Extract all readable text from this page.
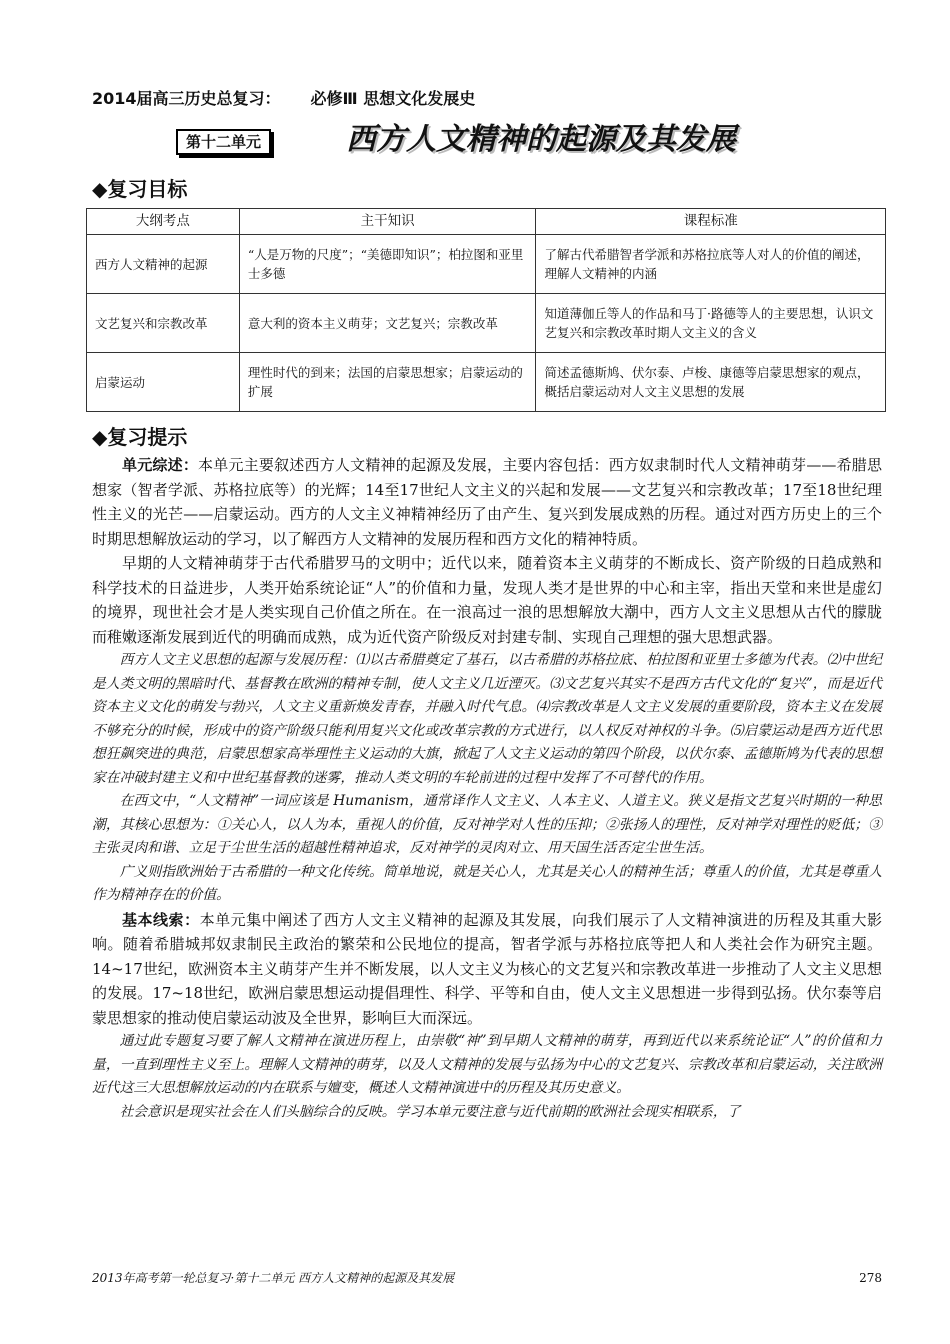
2014届高三历史总复习： 必修Ⅲ 思想文化发展史
第十二单元	西方人文精神的起源及其发展
◆复习目标
大纲考点	主干知识	课程标准
西方人文精神的起源	“人是万物的尺度”；“美德即知识”；柏拉图和亚里士多德	了解古代希腊智者学派和苏格拉底等人对人的价值的阐述，理解人文精神的内涵
文艺复兴和宗教改革	意大利的资本主义萌芽；文艺复兴；宗教改革	知道薄伽丘等人的作品和马丁·路德等人的主要思想，认识文艺复兴和宗教改革时期人文主义的含义
启蒙运动	理性时代的到来；法国的启蒙思想家；启蒙运动的扩展	简述孟德斯鸠、伏尔泰、卢梭、康德等启蒙思想家的观点，概括启蒙运动对人文主义思想的发展
◆复习提示

单元综述：本单元主要叙述西方人文精神的起源及发展，主要内容包括：西方奴隶制时代人文精神萌芽——希腊思想家（智者学派、苏格拉底等）的光辉；14至17世纪人文主义的兴起和发展——文艺复兴和宗教改革；17至18世纪理性主义的光芒——启蒙运动。西方的人文主义神精神经历了由产生、复兴到发展成熟的历程。通过对西方历史上的三个时期思想解放运动的学习，以了解西方人文精神的发展历程和西方文化的精神特质。

早期的人文精神萌芽于古代希腊罗马的文明中；近代以来，随着资本主义萌芽的不断成长、资产阶级的日趋成熟和科学技术的日益进步，人类开始系统论证“人”的价值和力量，发现人类才是世界的中心和主宰，指出天堂和来世是虚幻的境界，现世社会才是人类实现自己价值之所在。在一浪高过一浪的思想解放大潮中，西方人文主义思想从古代的朦胧而稚嫩逐渐发展到近代的明确而成熟，成为近代资产阶级反对封建专制、实现自己理想的强大思想武器。

西方人文主义思想的起源与发展历程：⑴以古希腊奠定了基石，以古希腊的苏格拉底、柏拉图和亚里士多德为代表。⑵中世纪是人类文明的黑暗时代、基督教在欧洲的精神专制，使人文主义几近湮灭。⑶文艺复兴其实不是西方古代文化的“复兴”，而是近代资本主义文化的萌发与勃兴，人文主义重新焕发青春，并融入时代气息。⑷宗教改革是人文主义发展的重要阶段，资本主义在发展不够充分的时候，形成中的资产阶级只能利用复兴文化或改革宗教的方式进行，以人权反对神权的斗争。⑸启蒙运动是西方近代思想狂飙突进的典范，启蒙思想家高举理性主义运动的大旗，掀起了人文主义运动的第四个阶段，以伏尔泰、孟德斯鸠为代表的思想家在冲破封建主义和中世纪基督教的迷雾，推动人类文明的车轮前进的过程中发挥了不可替代的作用。

在西文中，“人文精神”一词应该是 Humanism，通常译作人文主义、人本主义、人道主义。狭义是指文艺复兴时期的一种思潮，其核心思想为：①关心人，以人为本，重视人的价值，反对神学对人性的压抑；②张扬人的理性，反对神学对理性的贬低；③主张灵肉和谐、立足于尘世生活的超越性精神追求，反对神学的灵肉对立、用天国生活否定尘世生活。

广义则指欧洲始于古希腊的一种文化传统。简单地说，就是关心人，尤其是关心人的精神生活；尊重人的价值，尤其是尊重人作为精神存在的价值。

基本线索：本单元集中阐述了西方人文主义精神的起源及其发展，向我们展示了人文精神演进的历程及其重大影响。随着希腊城邦奴隶制民主政治的繁荣和公民地位的提高，智者学派与苏格拉底等把人和人类社会作为研究主题。14~17世纪，欧洲资本主义萌芽产生并不断发展，以人文主义为核心的文艺复兴和宗教改革进一步推动了人文主义思想的发展。17~18世纪，欧洲启蒙思想运动提倡理性、科学、平等和自由，使人文主义思想进一步得到弘扬。伏尔泰等启蒙思想家的推动使启蒙运动波及全世界，影响巨大而深远。

通过此专题复习要了解人文精神在演进历程上，由崇敬“神”到早期人文精神的萌芽，再到近代以来系统论证“人”的价值和力量，一直到理性主义至上。理解人文精神的萌芽，以及人文精神的发展与弘扬为中心的文艺复兴、宗教改革和启蒙运动，关注欧洲近代这三大思想解放运动的内在联系与嬗变，概述人文精神演进中的历程及其历史意义。

社会意识是现实社会在人们头脑综合的反映。学习本单元要注意与近代前期的欧洲社会现实相联系，了

2013年高考第一轮总复习·第十二单元 西方人文精神的起源及其发展	278
